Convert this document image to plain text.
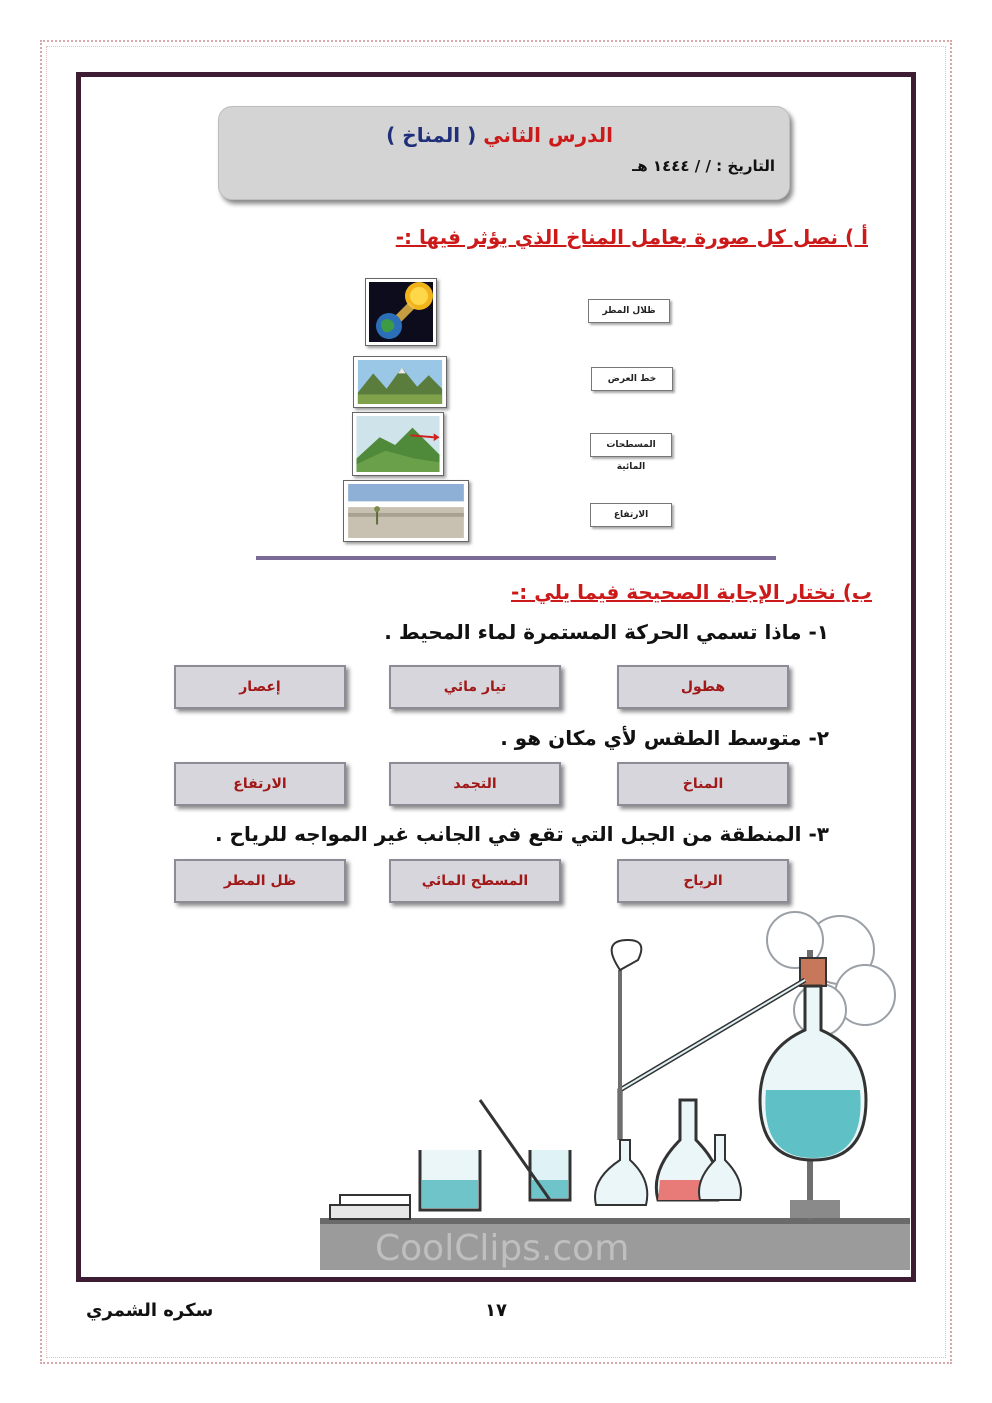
الدرس الثاني ( المناخ )
التاريخ : / / ١٤٤٤ هـ
أ ) نصل كل صورة بعامل المناخ الذي يؤثر فيها :-
ظلال المطر
خط العرض
المسطحات المائية
الارتفاع
ب) نختار الإجابة الصحيحة فيما يلي :-
١- ماذا تسمي الحركة المستمرة لماء المحيط .
هطول
تيار مائي
إعصار
٢- متوسط الطقس لأي مكان هو .
المناخ
التجمد
الارتفاع
٣- المنطقة من الجبل التي تقع في الجانب غير المواجه للرياح .
الرياح
المسطح المائي
ظل المطر
CoolClips.com
سكره الشمري	١٧
